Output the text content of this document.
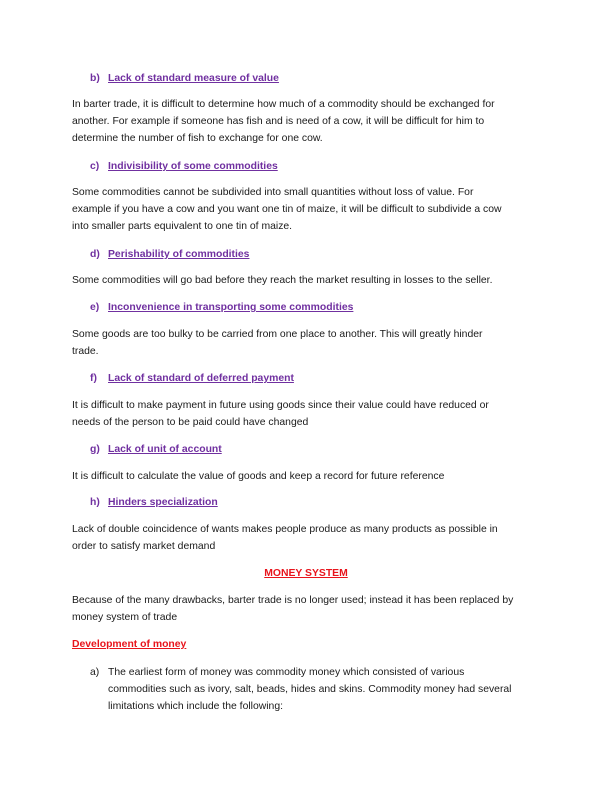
b) Lack of standard measure of value
In barter trade, it is difficult to determine how much of a commodity should be exchanged for
another. For example if someone has fish and is need of a cow, it will be difficult for him to
determine the number of fish to exchange for one cow.
c) Indivisibility of some commodities
Some commodities cannot be subdivided into small quantities without loss of value. For
example if you have a cow and you want one tin of maize, it will be difficult to subdivide a cow
into smaller parts equivalent to one tin of maize.
d) Perishability of commodities
Some commodities will go bad before they reach the market resulting in losses to the seller.
e) Inconvenience in transporting some commodities
Some goods are too bulky to be carried from one place to another. This will greatly hinder
trade.
f) Lack of standard of deferred payment
It is difficult to make payment in future using goods since their value could have reduced or
needs of the person to be paid could have changed
g) Lack of unit of account
It is difficult to calculate the value of goods and keep a record for future reference
h) Hinders specialization
Lack of double coincidence of wants makes people produce as many products as possible in
order to satisfy market demand
MONEY SYSTEM
Because of the many drawbacks, barter trade is no longer used; instead it has been replaced by
money system of trade
Development of money
a) The earliest form of money was commodity money which consisted of various
commodities such as ivory, salt, beads, hides and skins. Commodity money had several
limitations which include the following:
